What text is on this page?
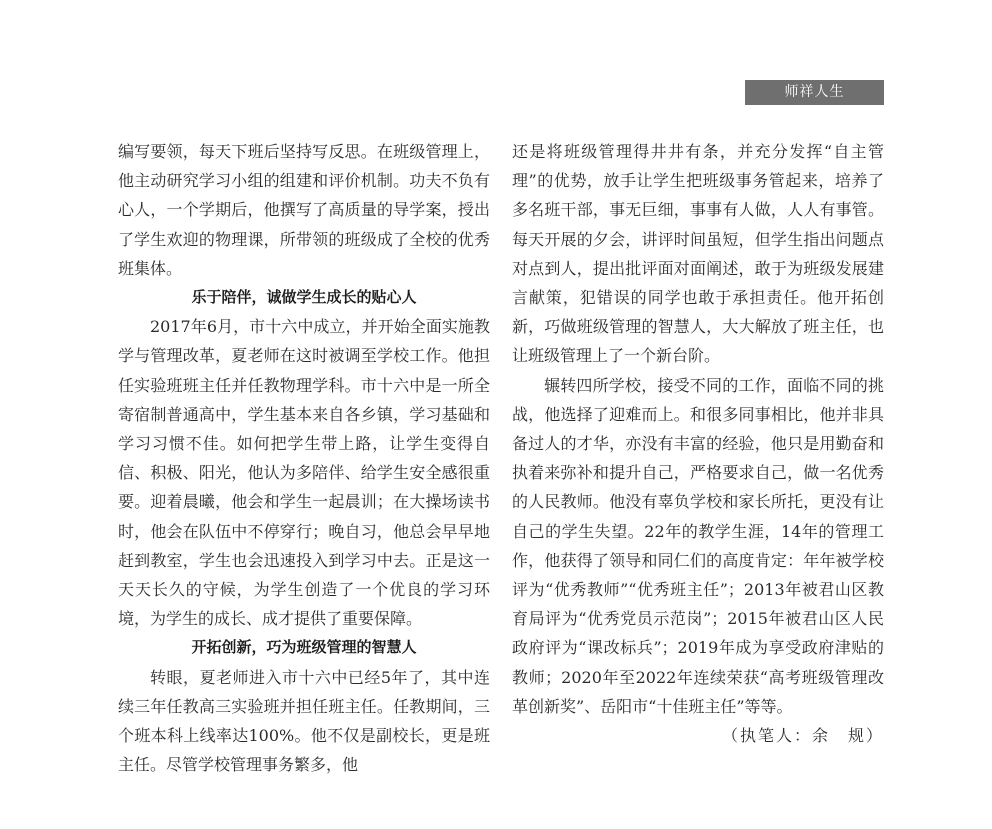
师祥人生

编写要领，每天下班后坚持写反思。在班级管理上，他主动研究学习小组的组建和评价机制。功夫不负有心人，一个学期后，他撰写了高质量的导学案，授出了学生欢迎的物理课，所带领的班级成了全校的优秀班集体。

乐于陪伴，诚做学生成长的贴心人

2017年6月，市十六中成立，并开始全面实施教学与管理改革，夏老师在这时被调至学校工作。他担任实验班班主任并任教物理学科。市十六中是一所全寄宿制普通高中，学生基本来自各乡镇，学习基础和学习习惯不佳。如何把学生带上路，让学生变得自信、积极、阳光，他认为多陪伴、给学生安全感很重要。迎着晨曦，他会和学生一起晨训；在大操场读书时，他会在队伍中不停穿行；晚自习，他总会早早地赶到教室，学生也会迅速投入到学习中去。正是这一天天长久的守候，为学生创造了一个优良的学习环境，为学生的成长、成才提供了重要保障。

开拓创新，巧为班级管理的智慧人

转眼，夏老师进入市十六中已经5年了，其中连续三年任教高三实验班并担任班主任。任教期间，三个班本科上线率达100%。他不仅是副校长，更是班主任。尽管学校管理事务繁多，他

还是将班级管理得井井有条，并充分发挥“自主管理”的优势，放手让学生把班级事务管起来，培养了多名班干部，事无巨细，事事有人做，人人有事管。每天开展的夕会，讲评时间虽短，但学生指出问题点对点到人，提出批评面对面阐述，敢于为班级发展建言献策，犯错误的同学也敢于承担责任。他开拓创新，巧做班级管理的智慧人，大大解放了班主任，也让班级管理上了一个新台阶。

辗转四所学校，接受不同的工作，面临不同的挑战，他选择了迎难而上。和很多同事相比，他并非具备过人的才华，亦没有丰富的经验，他只是用勤奋和执着来弥补和提升自己，严格要求自己，做一名优秀的人民教师。他没有辜负学校和家长所托，更没有让自己的学生失望。22年的教学生涯，14年的管理工作，他获得了领导和同仁们的高度肯定：年年被学校评为“优秀教师”“优秀班主任”；2013年被君山区教育局评为“优秀党员示范岗”；2015年被君山区人民政府评为“课改标兵”；2019年成为享受政府津贴的教师；2020年至2022年连续荣获“高考班级管理改革创新奖”、岳阳市“十佳班主任”等等。

（执笔人：余　规）
